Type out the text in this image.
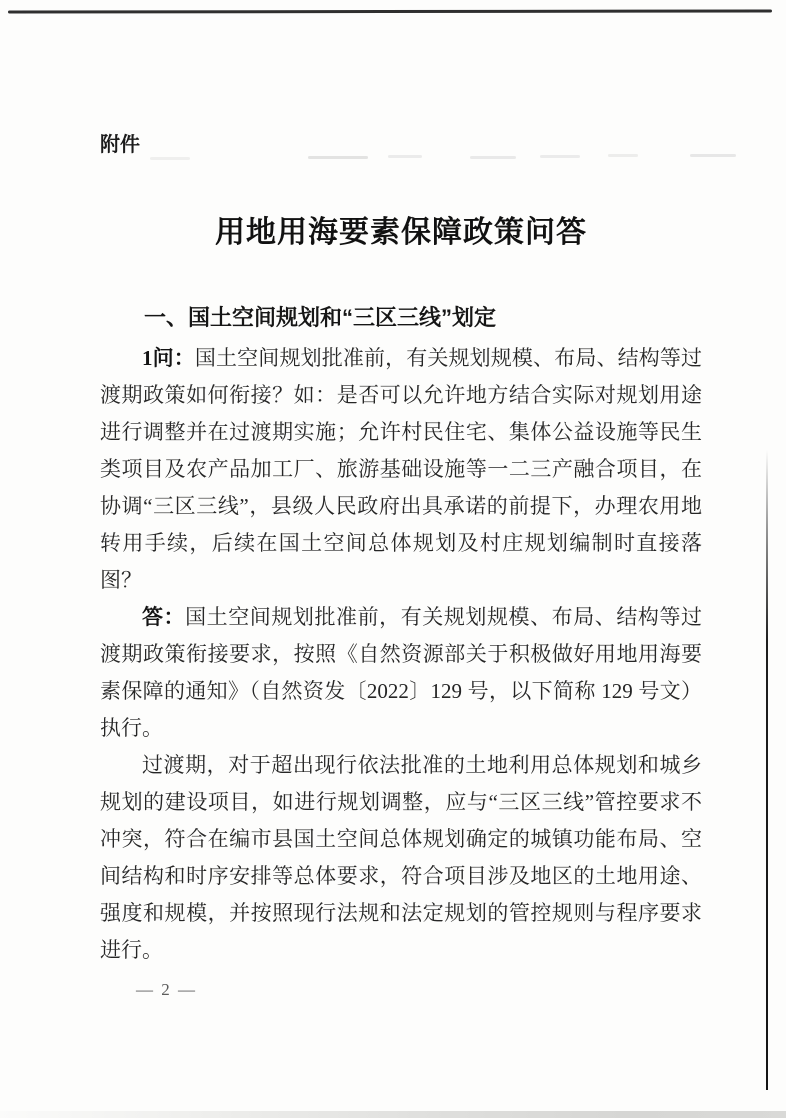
附件
用地用海要素保障政策问答
一、国土空间规划和“三区三线”划定

1问：国土空间规划批准前，有关规划规模、布局、结构等过渡期政策如何衔接？如：是否可以允许地方结合实际对规划用途进行调整并在过渡期实施；允许村民住宅、集体公益设施等民生类项目及农产品加工厂、旅游基础设施等一二三产融合项目，在协调“三区三线”，县级人民政府出具承诺的前提下，办理农用地转用手续，后续在国土空间总体规划及村庄规划编制时直接落图？

答：国土空间规划批准前，有关规划规模、布局、结构等过渡期政策衔接要求，按照《自然资源部关于积极做好用地用海要素保障的通知》（自然资发〔2022〕129 号，以下简称 129 号文）执行。

过渡期，对于超出现行依法批准的土地利用总体规划和城乡规划的建设项目，如进行规划调整，应与“三区三线”管控要求不冲突，符合在编市县国土空间总体规划确定的城镇功能布局、空间结构和时序安排等总体要求，符合项目涉及地区的土地用途、强度和规模，并按照现行法规和法定规划的管控规则与程序要求进行。

— 2 —
